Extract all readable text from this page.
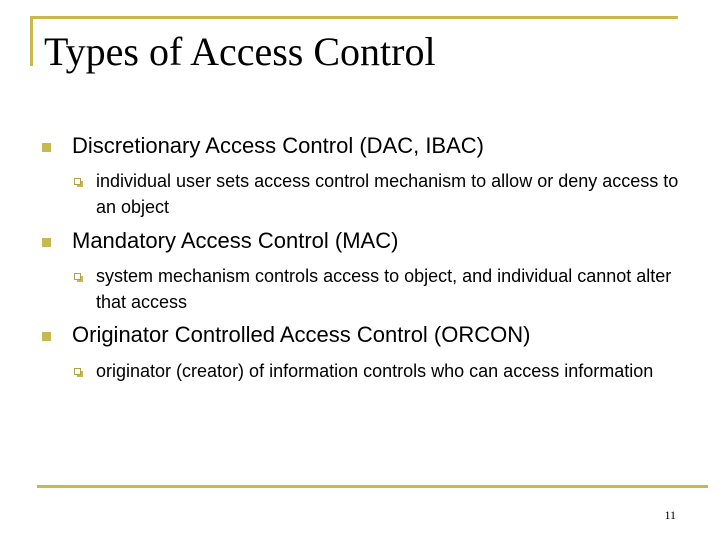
Types of Access Control
Discretionary Access Control (DAC, IBAC)
individual user sets access control mechanism to allow or deny access to an object
Mandatory Access Control (MAC)
system mechanism controls access to object, and individual cannot alter that access
Originator Controlled Access Control (ORCON)
originator (creator) of information controls who can access information
11
